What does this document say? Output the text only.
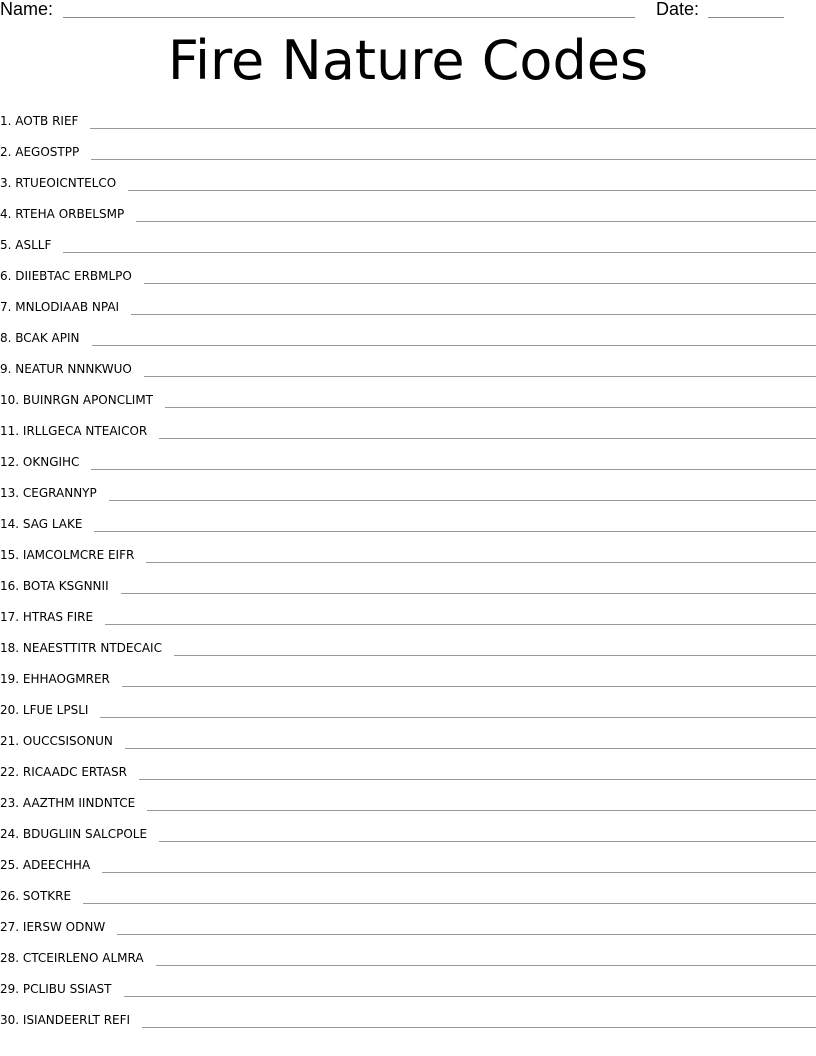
Name:	Date:
Fire Nature Codes
1. AOTB RIEF
2. AEGOSTPP
3. RTUEOICNTELCO
4. RTEHA ORBELSMP
5. ASLLF
6. DIIEBTAC ERBMLPO
7. MNLODIAAB NPAI
8. BCAK APIN
9. NEATUR NNNKWUO
10. BUINRGN APONCLIMT
11. IRLLGECA NTEAICOR
12. OKNGIHC
13. CEGRANNYP
14. SAG LAKE
15. IAMCOLMCRE EIFR
16. BOTA KSGNNII
17. HTRAS FIRE
18. NEAESTTITR NTDECAIC
19. EHHAOGMRER
20. LFUE LPSLI
21. OUCCSISONUN
22. RICAADC ERTASR
23. AAZTHM IINDNTCE
24. BDUGLIIN SALCPOLE
25. ADEECHHA
26. SOTKRE
27. IERSW ODNW
28. CTCEIRLENO ALMRA
29. PCLIBU SSIAST
30. ISIANDEERLT REFI
